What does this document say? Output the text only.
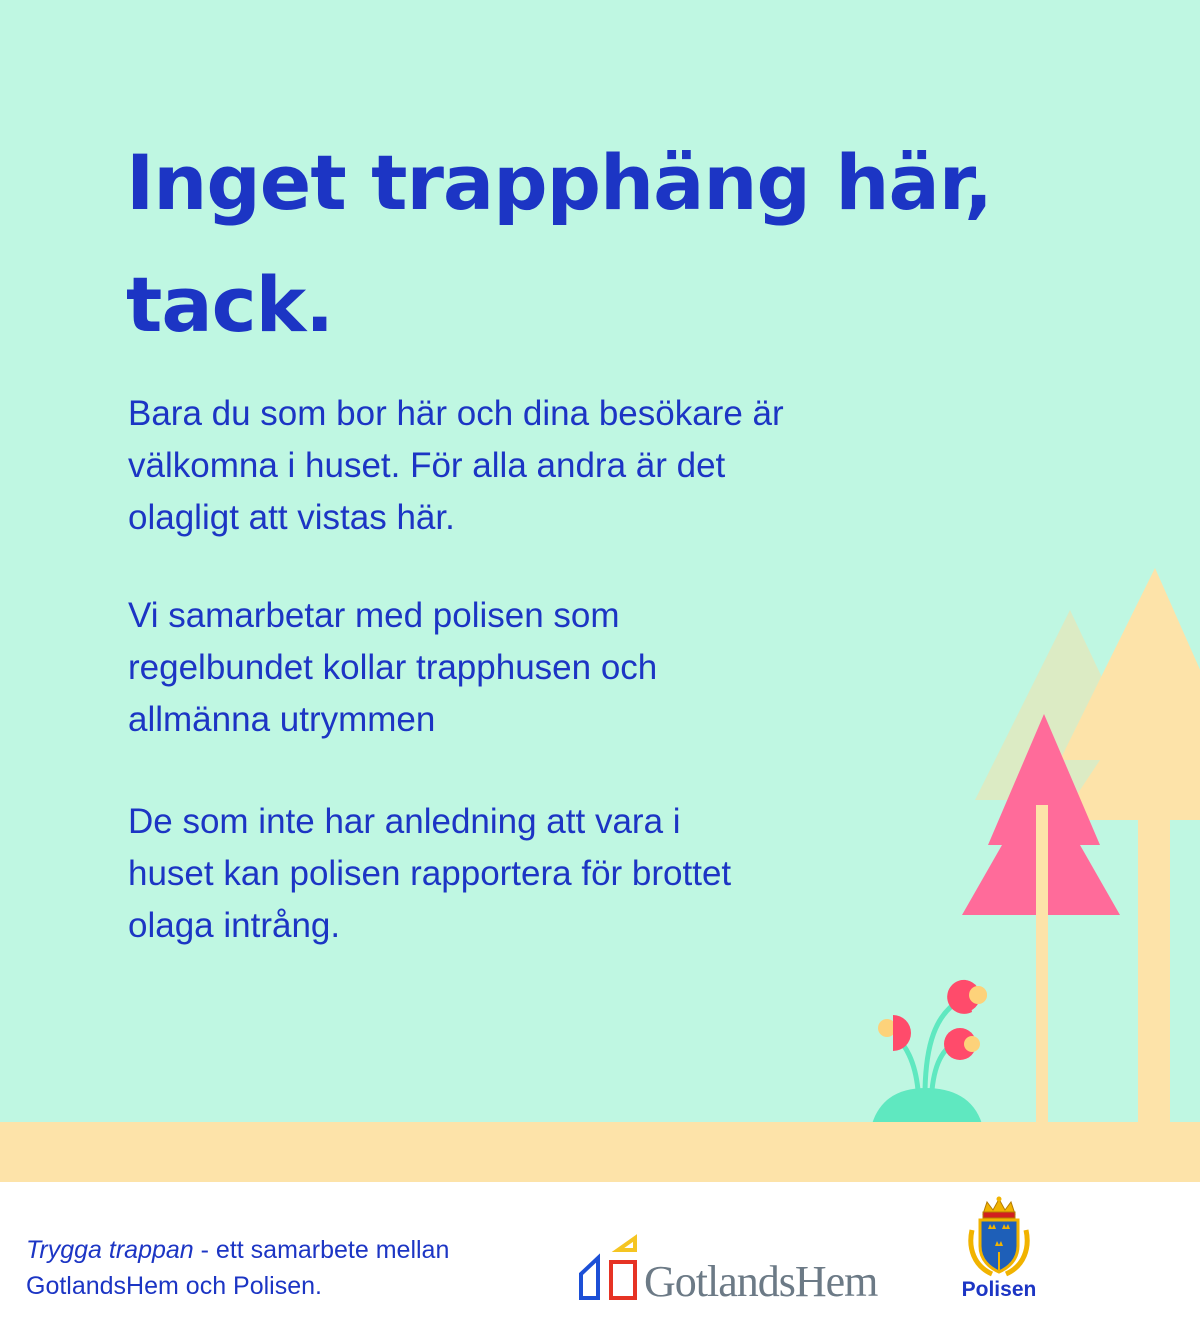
Inget trapphäng här,
tack.

Bara du som bor här och dina besökare är
välkomna i huset. För alla andra är det
olagligt att vistas här.

Vi samarbetar med polisen som
regelbundet kollar trapphusen och
allmänna utrymmen

De som inte har anledning att vara i
huset kan polisen rapportera för brottet
olaga intrång.

Trygga trappan - ett samarbete mellan
GotlandsHem och Polisen.	GotlandsHem	Polisen
